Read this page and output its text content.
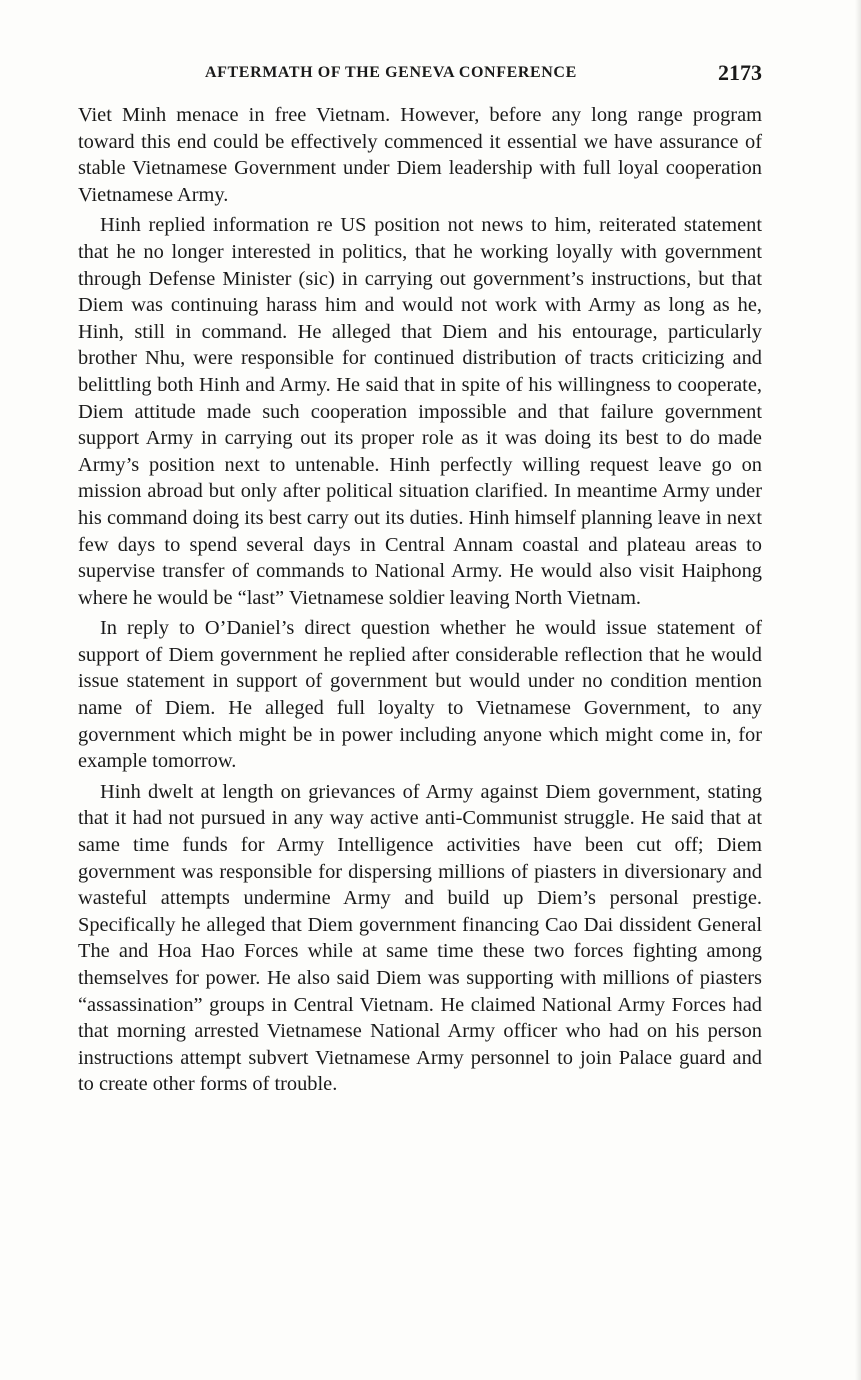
AFTERMATH OF THE GENEVA CONFERENCE	2173

Viet Minh menace in free Vietnam. However, before any long range program toward this end could be effectively commenced it essential we have assurance of stable Vietnamese Government under Diem leadership with full loyal cooperation Vietnamese Army.

Hinh replied information re US position not news to him, reiterated statement that he no longer interested in politics, that he working loyally with government through Defense Minister (sic) in carrying out government’s instructions, but that Diem was continuing harass him and would not work with Army as long as he, Hinh, still in command. He alleged that Diem and his entourage, particularly brother Nhu, were responsible for continued distribution of tracts criticizing and belittling both Hinh and Army. He said that in spite of his willingness to cooperate, Diem attitude made such cooperation impossible and that failure government support Army in carrying out its proper role as it was doing its best to do made Army’s position next to untenable. Hinh perfectly willing request leave go on mission abroad but only after political situation clarified. In meantime Army under his command doing its best carry out its duties. Hinh himself planning leave in next few days to spend several days in Central Annam coastal and plateau areas to supervise transfer of commands to National Army. He would also visit Haiphong where he would be “last” Vietnamese soldier leaving North Vietnam.

In reply to O’Daniel’s direct question whether he would issue statement of support of Diem government he replied after considerable reflection that he would issue statement in support of government but would under no condition mention name of Diem. He alleged full loyalty to Vietnamese Government, to any government which might be in power including anyone which might come in, for example tomorrow.

Hinh dwelt at length on grievances of Army against Diem government, stating that it had not pursued in any way active anti-Communist struggle. He said that at same time funds for Army Intelligence activities have been cut off; Diem government was responsible for dispersing millions of piasters in diversionary and wasteful attempts undermine Army and build up Diem’s personal prestige. Specifically he alleged that Diem government financing Cao Dai dissident General The and Hoa Hao Forces while at same time these two forces fighting among themselves for power. He also said Diem was supporting with millions of piasters “assassination” groups in Central Vietnam. He claimed National Army Forces had that morning arrested Vietnamese National Army officer who had on his person instructions attempt subvert Vietnamese Army personnel to join Palace guard and to create other forms of trouble.
